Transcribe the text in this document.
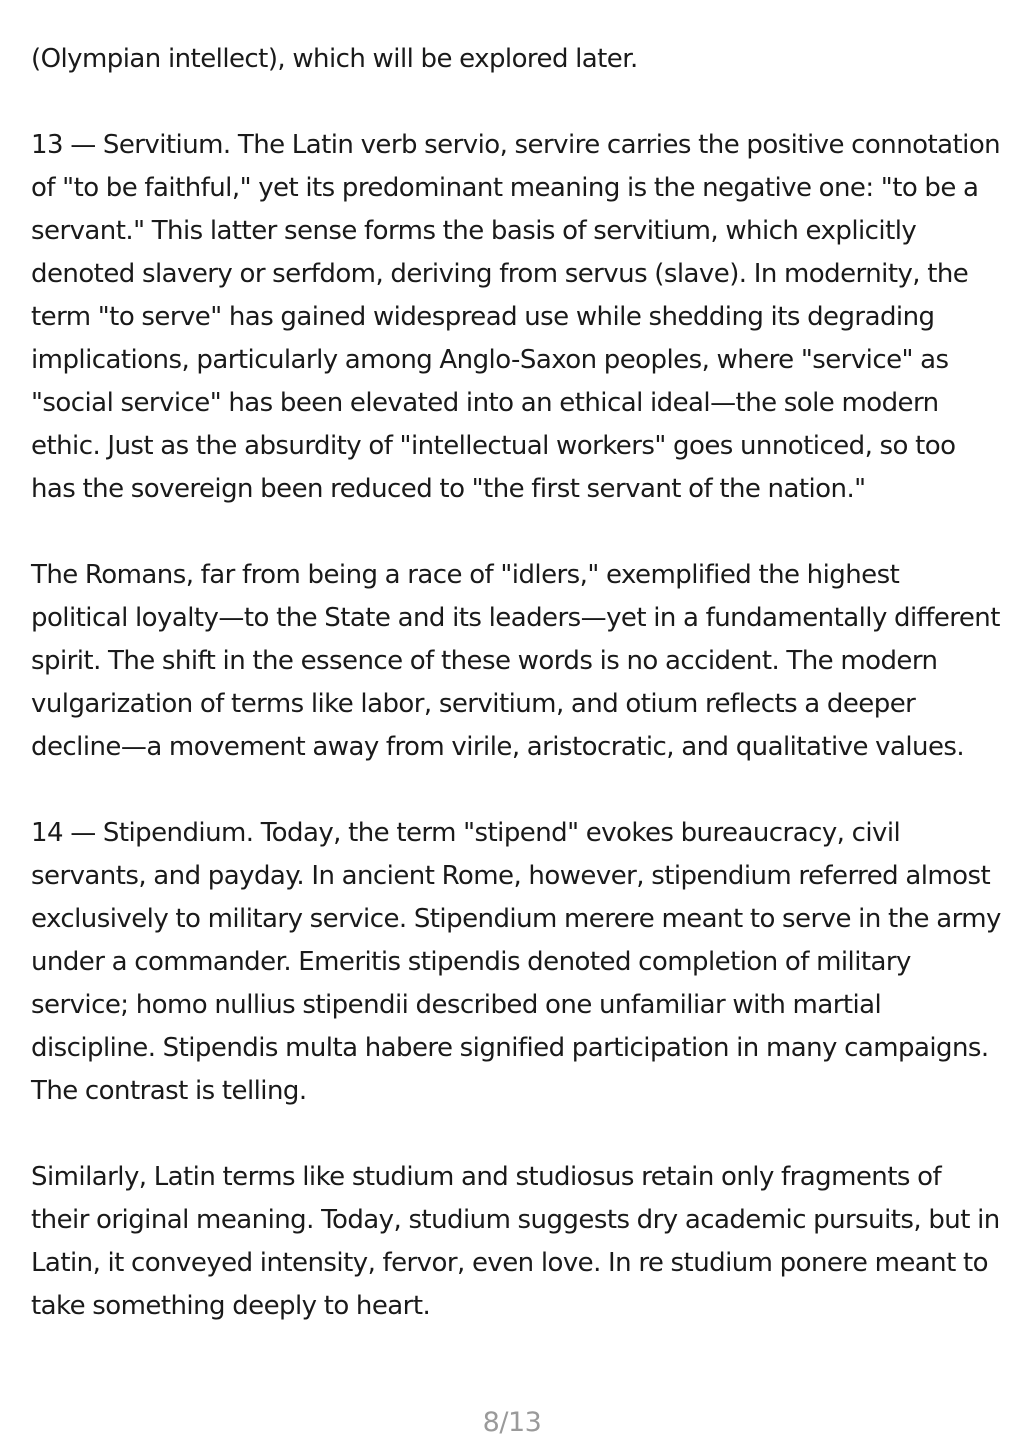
(Olympian intellect), which will be explored later.

13 — Servitium. The Latin verb servio, servire carries the positive connotation of "to be faithful," yet its predominant meaning is the negative one: "to be a servant." This latter sense forms the basis of servitium, which explicitly denoted slavery or serfdom, deriving from servus (slave). In modernity, the term "to serve" has gained widespread use while shedding its degrading implications, particularly among Anglo-Saxon peoples, where "service" as "social service" has been elevated into an ethical ideal—the sole modern ethic. Just as the absurdity of "intellectual workers" goes unnoticed, so too has the sovereign been reduced to "the first servant of the nation."

The Romans, far from being a race of "idlers," exemplified the highest political loyalty—to the State and its leaders—yet in a fundamentally different spirit. The shift in the essence of these words is no accident. The modern vulgarization of terms like labor, servitium, and otium reflects a deeper decline—a movement away from virile, aristocratic, and qualitative values.

14 — Stipendium. Today, the term "stipend" evokes bureaucracy, civil servants, and payday. In ancient Rome, however, stipendium referred almost exclusively to military service. Stipendium merere meant to serve in the army under a commander. Emeritis stipendis denoted completion of military service; homo nullius stipendii described one unfamiliar with martial discipline. Stipendis multa habere signified participation in many campaigns. The contrast is telling.

Similarly, Latin terms like studium and studiosus retain only fragments of their original meaning. Today, studium suggests dry academic pursuits, but in Latin, it conveyed intensity, fervor, even love. In re studium ponere meant to take something deeply to heart.

8/13
